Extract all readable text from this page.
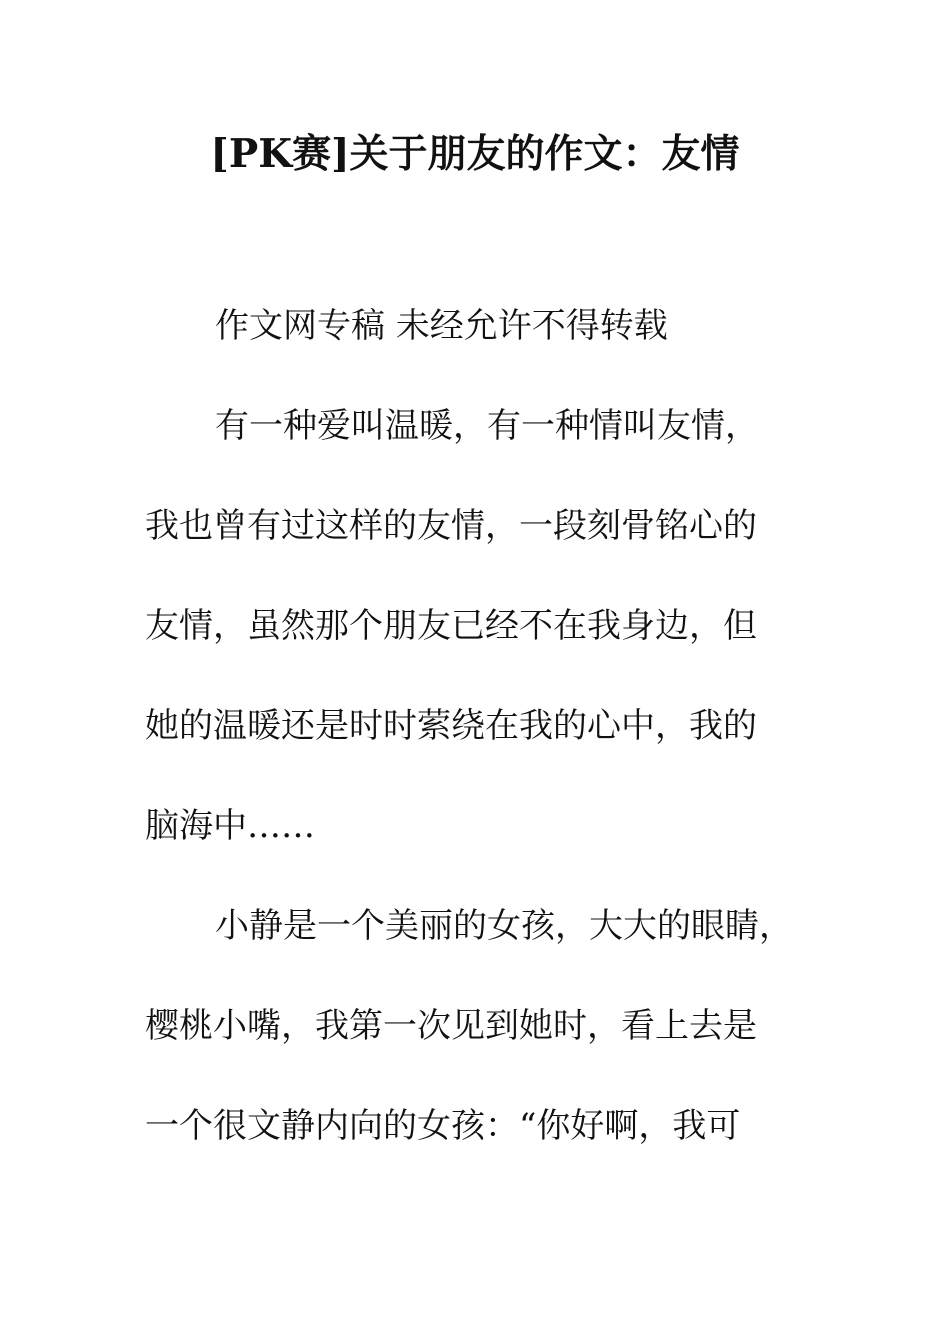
[PK赛]关于朋友的作文：友情
作文网专稿 未经允许不得转载
有一种爱叫温暖，有一种情叫友情，
我也曾有过这样的友情，一段刻骨铭心的
友情，虽然那个朋友已经不在我身边，但
她的温暖还是时时萦绕在我的心中，我的
脑海中……
小静是一个美丽的女孩，大大的眼睛，
樱桃小嘴，我第一次见到她时，看上去是
一个很文静内向的女孩：“你好啊，我可
